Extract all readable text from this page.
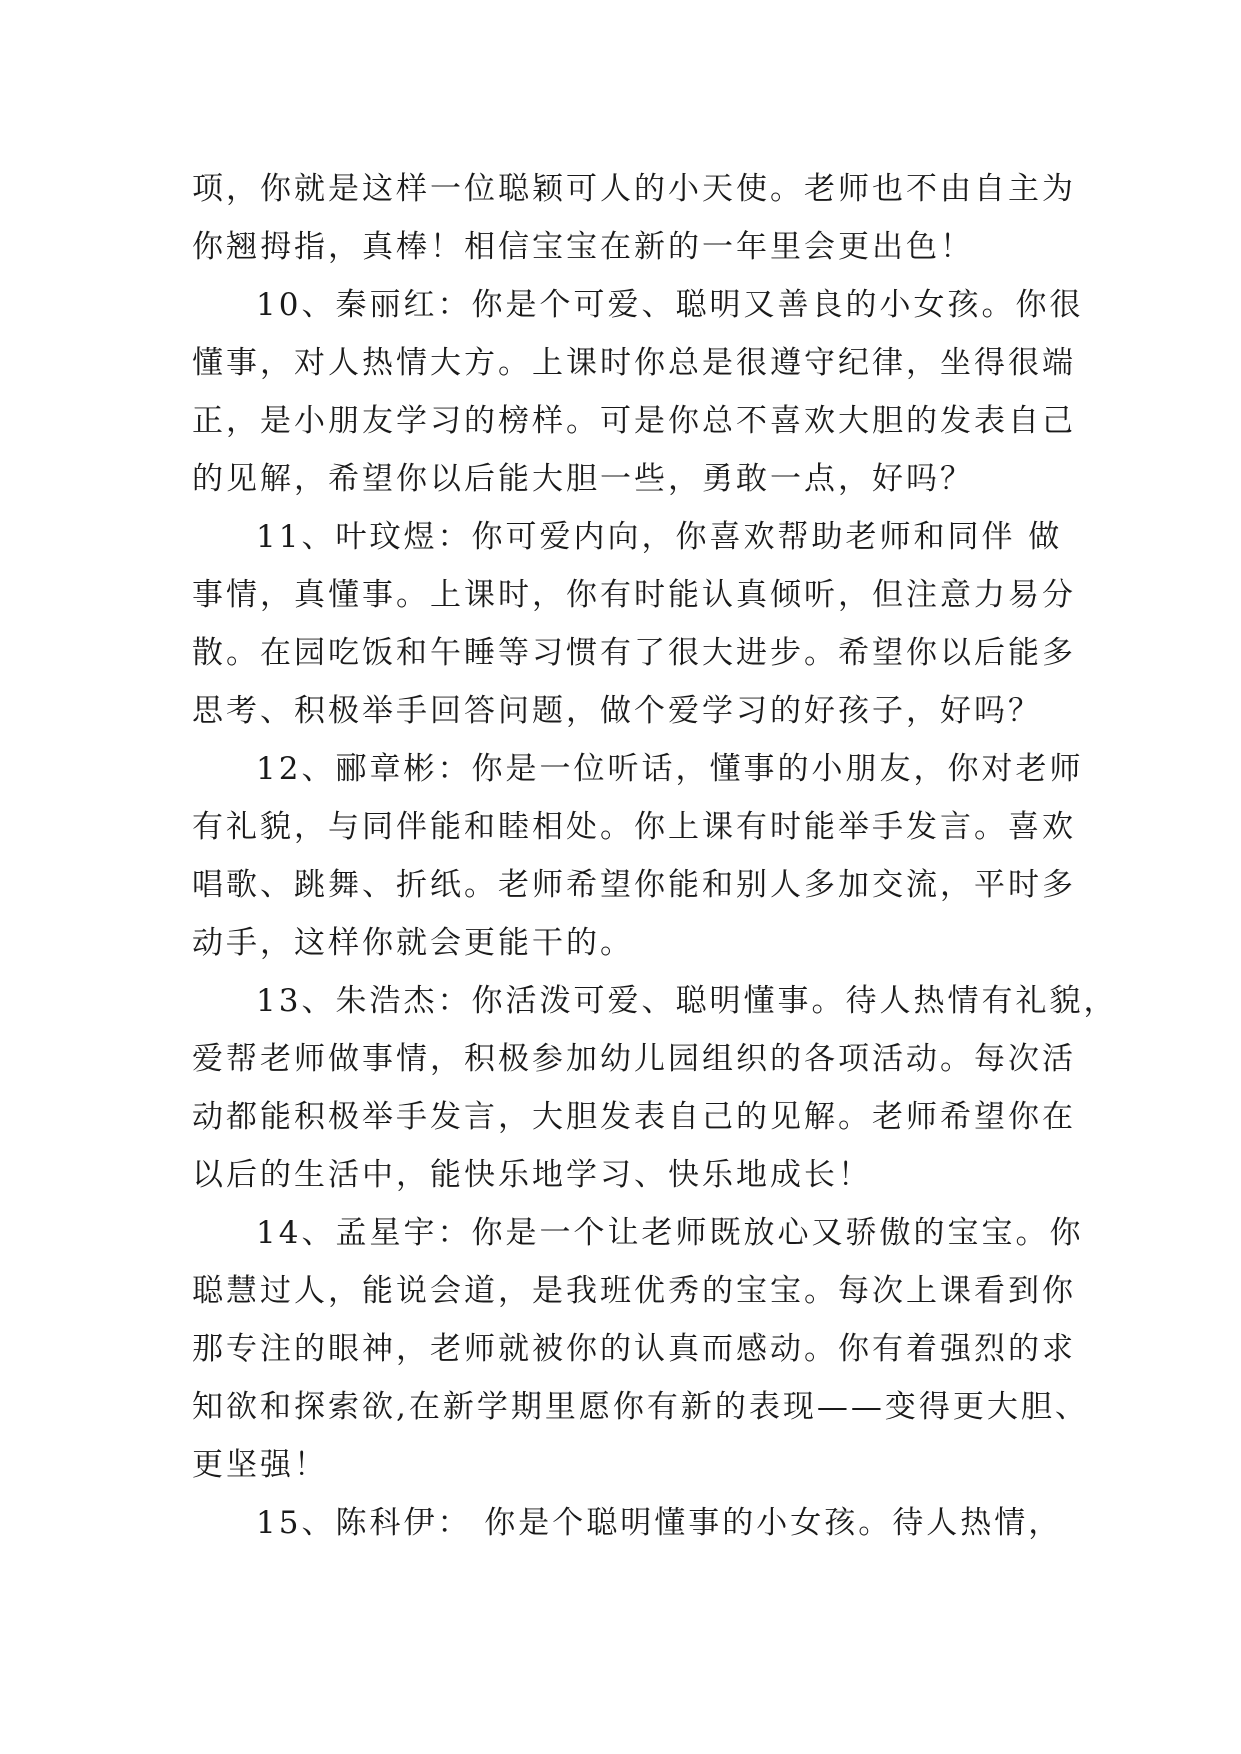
项，你就是这样一位聪颖可人的小天使。老师也不由自主为
你翘拇指，真棒！相信宝宝在新的一年里会更出色！
10、秦丽红：你是个可爱、聪明又善良的小女孩。你很
懂事，对人热情大方。上课时你总是很遵守纪律，坐得很端
正，是小朋友学习的榜样。可是你总不喜欢大胆的发表自己
的见解，希望你以后能大胆一些，勇敢一点，好吗？
11、叶玟煜：你可爱内向，你喜欢帮助老师和同伴 做
事情，真懂事。上课时，你有时能认真倾听，但注意力易分
散。在园吃饭和午睡等习惯有了很大进步。希望你以后能多
思考、积极举手回答问题，做个爱学习的好孩子，好吗？
12、郦章彬：你是一位听话，懂事的小朋友，你对老师
有礼貌，与同伴能和睦相处。你上课有时能举手发言。喜欢
唱歌、跳舞、折纸。老师希望你能和别人多加交流，平时多
动手，这样你就会更能干的。
13、朱浩杰：你活泼可爱、聪明懂事。待人热情有礼貌，
爱帮老师做事情，积极参加幼儿园组织的各项活动。每次活
动都能积极举手发言，大胆发表自己的见解。老师希望你在
以后的生活中，能快乐地学习、快乐地成长！
14、孟星宇：你是一个让老师既放心又骄傲的宝宝。你
聪慧过人，能说会道，是我班优秀的宝宝。每次上课看到你
那专注的眼神，老师就被你的认真而感动。你有着强烈的求
知欲和探索欲,在新学期里愿你有新的表现——变得更大胆、
更坚强！
15、陈科伊： 你是个聪明懂事的小女孩。待人热情，
